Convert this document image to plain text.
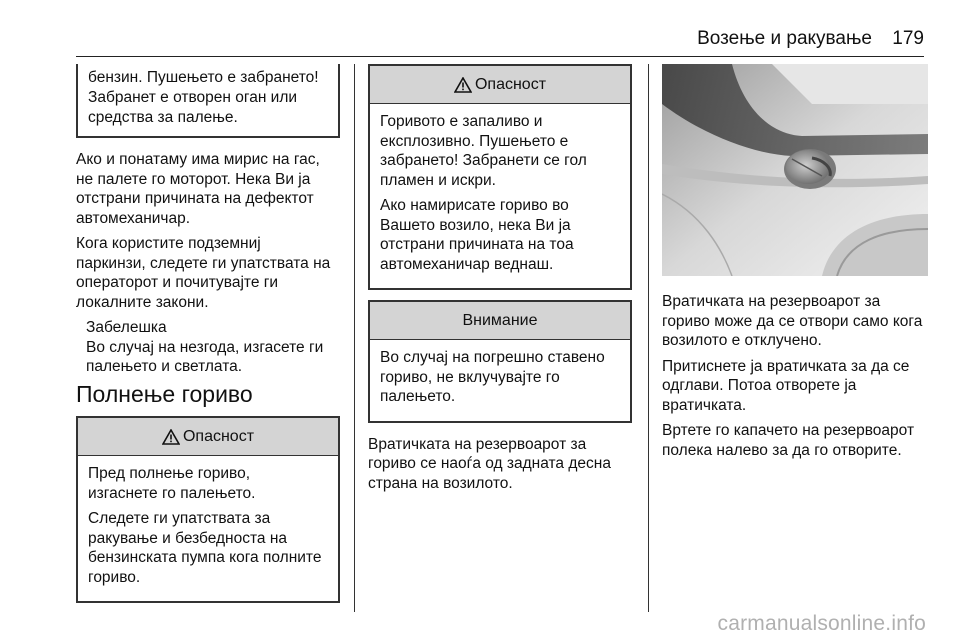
Возење и ракување 179
бензин. Пушењето е забрането!
Забранет е отворен оган или
средства за палење.
Ако и понатаму има мирис на гас,
не палете го моторот. Нека Ви ја
отстрани причината на дефектот
автомеханичар.
Кога користите подземниј
паркинзи, следете ги упатствата на
операторот и почитувајте ги
локалните закони.
Забелешка
Во случај на незгода, изгасете ги
палењето и светлата.
Полнење гориво
Опасност

Пред полнење гориво,
изгаснете го палењето.

Следете ги упатствата за
ракување и безбедноста на
бензинската пумпа кога полните
гориво.

Опасност

Горивото е запаливо и
експлозивно. Пушењето е
забрането! Забранети се гол
пламен и искри.

Ако намирисате гориво во
Вашето возило, нека Ви ја
отстрани причината на тоа
автомеханичар веднаш.

Внимание

Во случај на погрешно ставено
гориво, не вклучувајте го
палењето.

Вратичката на резервоарот за
гориво се наоѓа од задната десна
страна на возилото.
Вратичката на резервоарот за
гориво може да се отвори само кога
возилото е отклучено.
Притиснете ја вратичката за да се
одглави. Потоа отворете ја
вратичката.
Вртете го капачето на резервоарот
полека налево за да го отворите.
carmanualsonline.info
